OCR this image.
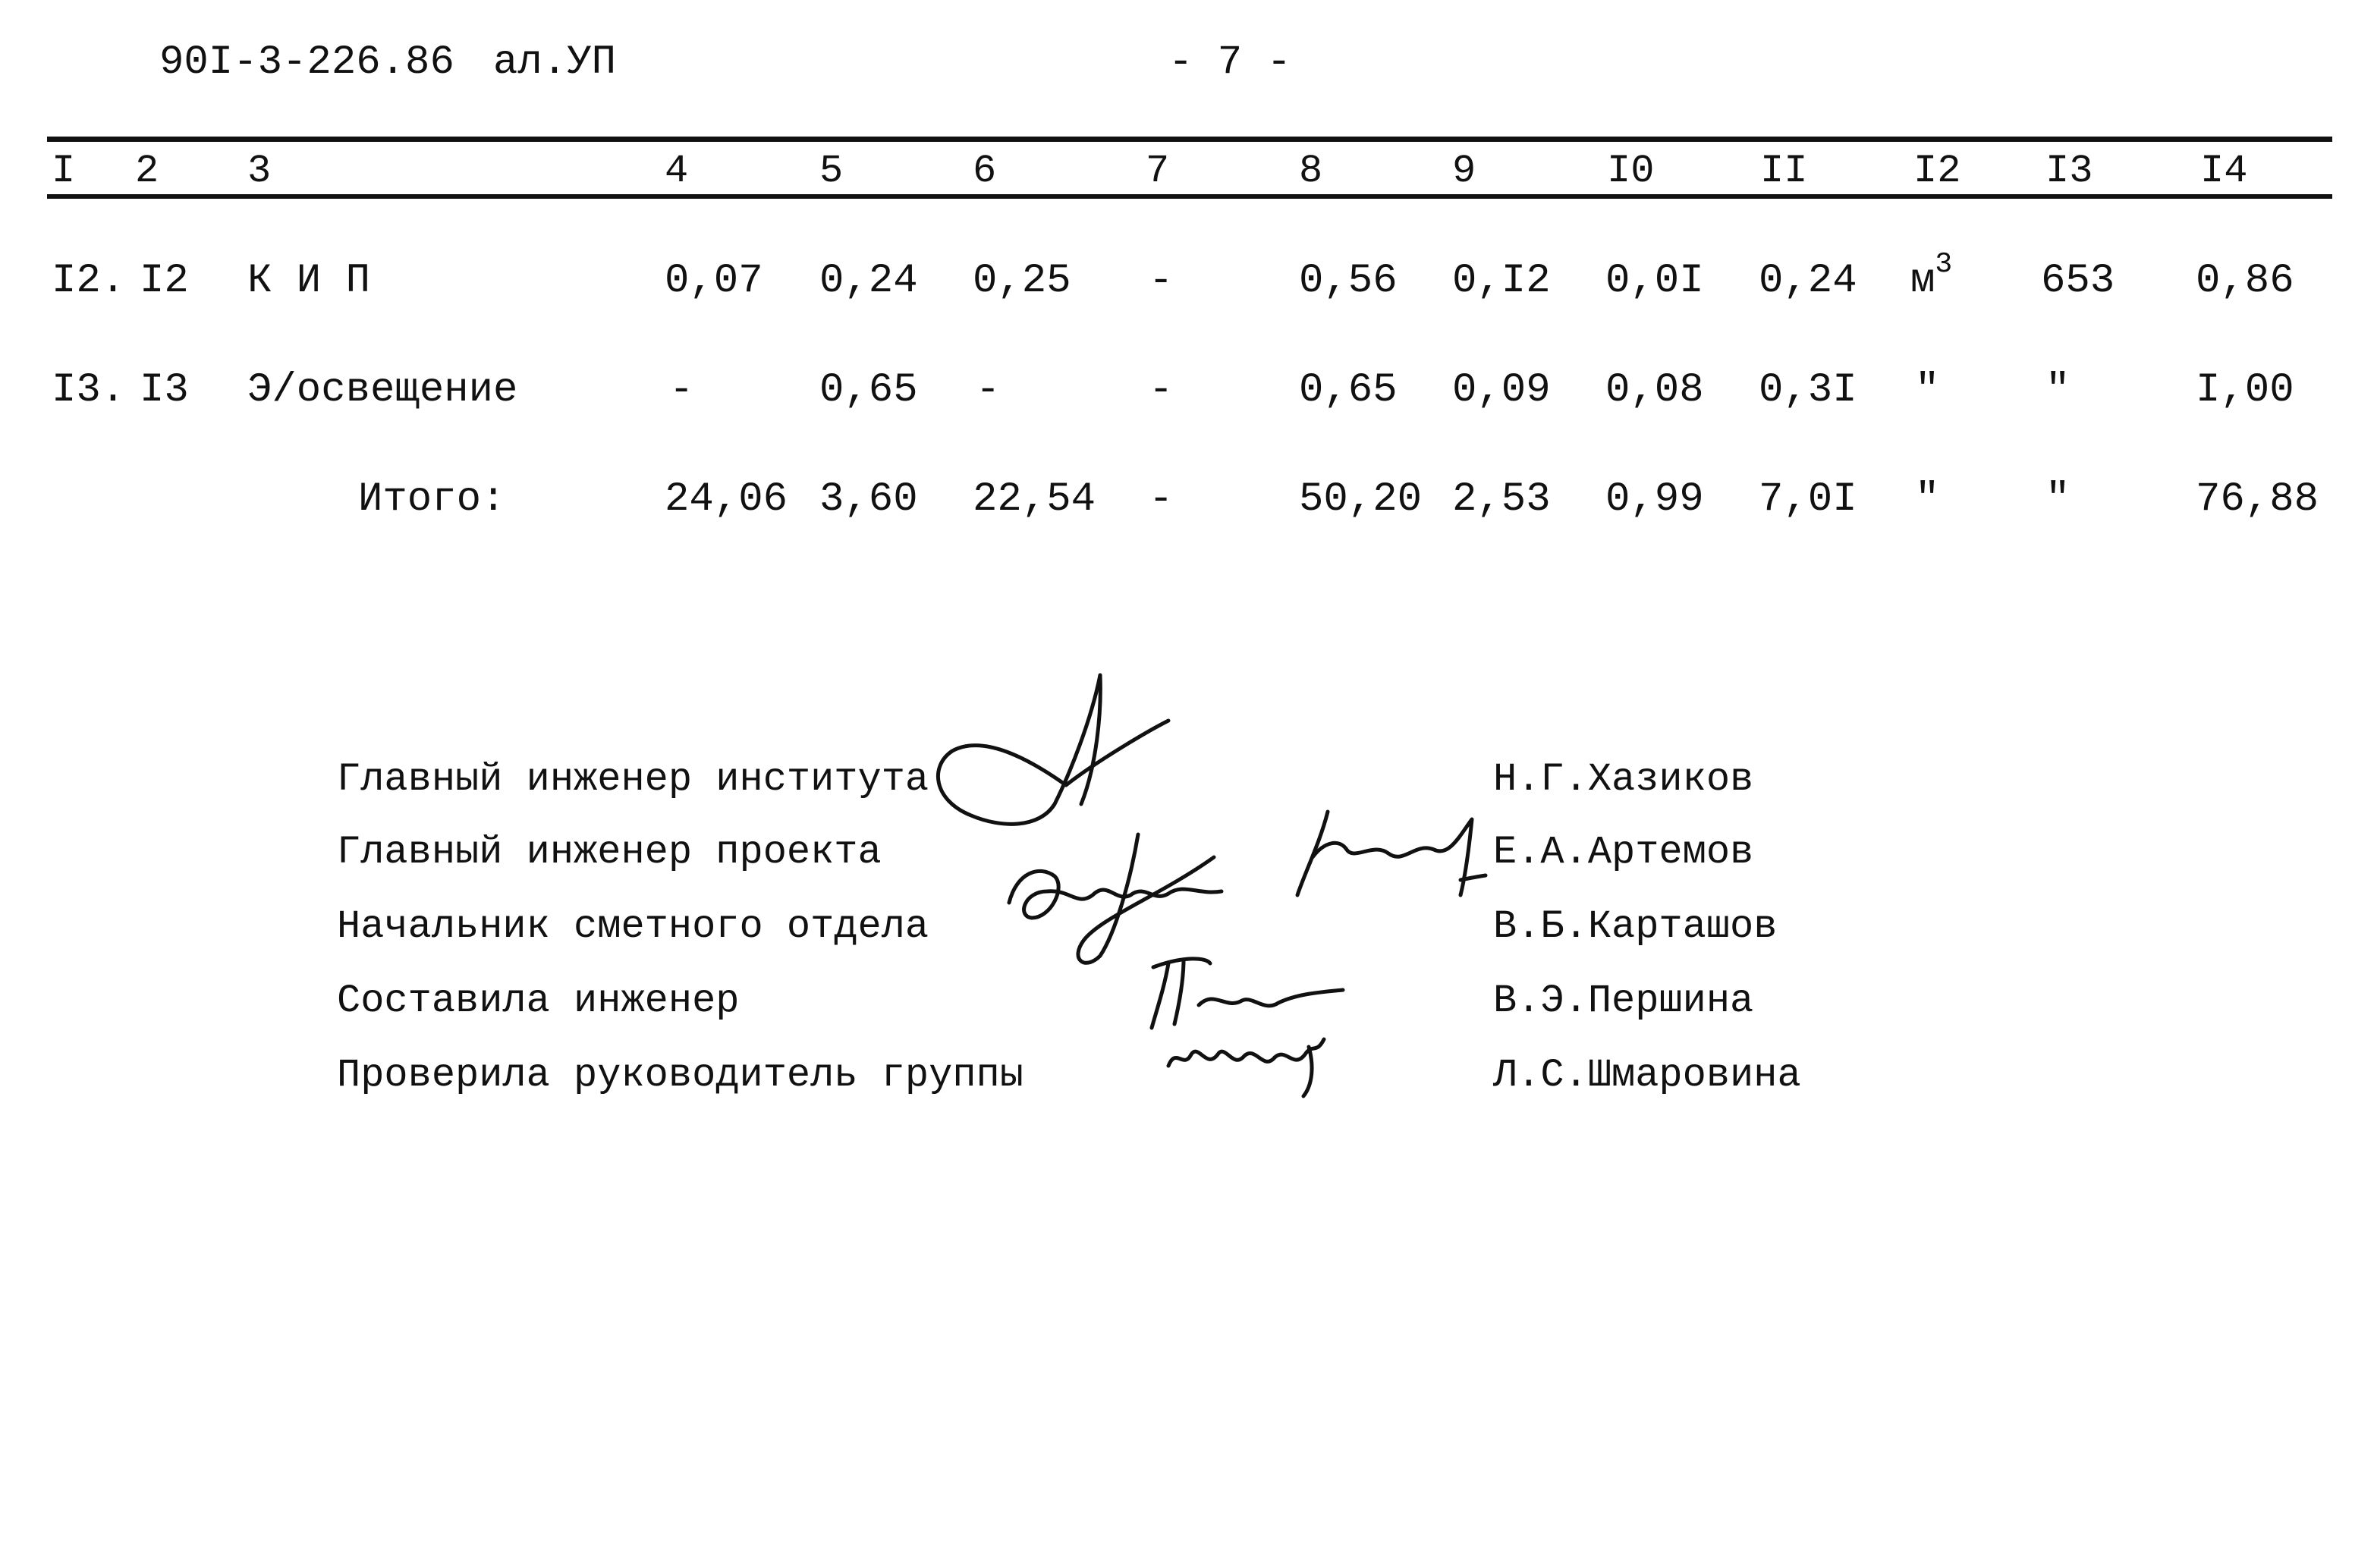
90I-3-226.86 ал.УП	- 7 -
I 2 3	4	5	6	7	8	9	I0	II	I2 I3	I4
I2. I2 К И П	0,07 0,24 0,25 -	0,56 0,I2 0,0I 0,24 $м^3$ 653 0,86
I3. I3 Э/освещение	-	0,65 -	-	0,65 0,09 0,08 0,3I "	"	I,00
Итого:	24,06 3,60 22,54 -	50,20 2,53 0,99 7,0I "	"	76,88
Главный инженер института	Н.Г.Хазиков
Главный инженер проекта	Е.А.Артемов
Начальник сметного отдела	В.Б.Карташов
Составила инженер	В.Э.Першина
Проверила руководитель группы	Л.С.Шмаровина
